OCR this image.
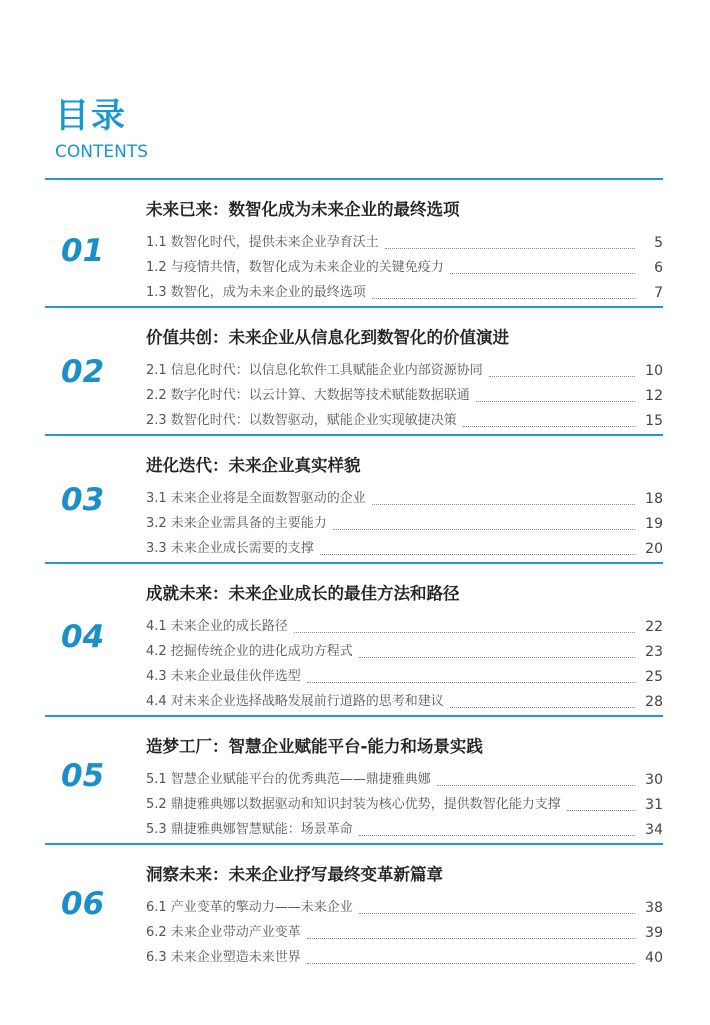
目录
CONTENTS
01
未来已来：数智化成为未来企业的最终选项
1.1 数智化时代，提供未来企业孕育沃土	5
1.2 与疫情共情，数智化成为未来企业的关键免疫力	6
1.3 数智化，成为未来企业的最终选项	7
02
价值共创：未来企业从信息化到数智化的价值演进
2.1 信息化时代：以信息化软件工具赋能企业内部资源协同	10
2.2 数字化时代：以云计算、大数据等技术赋能数据联通	12
2.3 数智化时代：以数智驱动，赋能企业实现敏捷决策	15
03
进化迭代：未来企业真实样貌
3.1 未来企业将是全面数智驱动的企业	18
3.2 未来企业需具备的主要能力	19
3.3 未来企业成长需要的支撑	20
04
成就未来：未来企业成长的最佳方法和路径
4.1 未来企业的成长路径	22
4.2 挖掘传统企业的进化成功方程式	23
4.3 未来企业最佳伙伴选型	25
4.4 对未来企业选择战略发展前行道路的思考和建议	28
05
造梦工厂：智慧企业赋能平台-能力和场景实践
5.1 智慧企业赋能平台的优秀典范——鼎捷雅典娜	30
5.2 鼎捷雅典娜以数据驱动和知识封装为核心优势，提供数智化能力支撑	31
5.3 鼎捷雅典娜智慧赋能：场景革命	34
06
洞察未来：未来企业抒写最终变革新篇章
6.1 产业变革的擎动力——未来企业	38
6.2 未来企业带动产业变革	39
6.3 未来企业塑造未来世界	40
